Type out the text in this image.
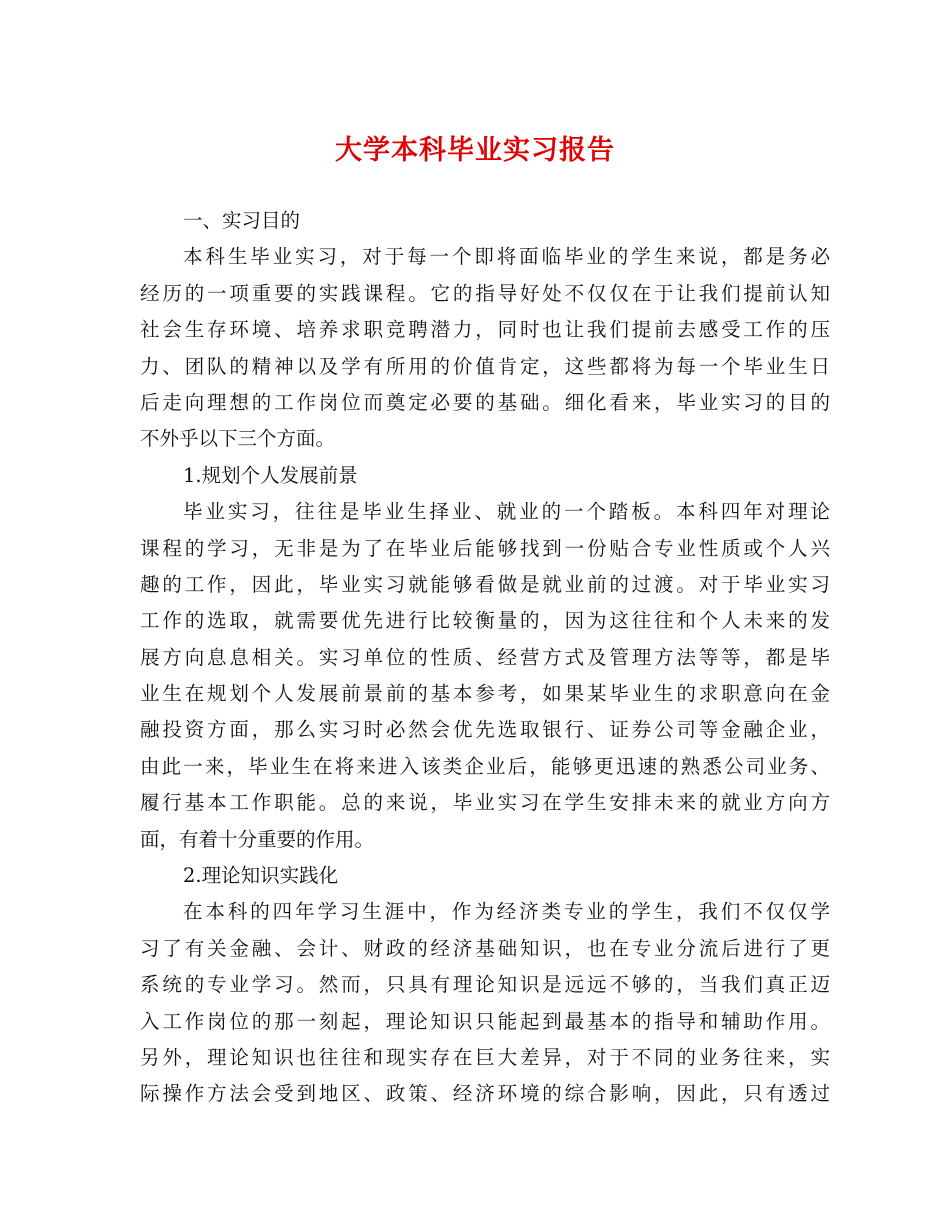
大学本科毕业实习报告
一、实习目的
本科生毕业实习，对于每一个即将面临毕业的学生来说，都是务必
经历的一项重要的实践课程。它的指导好处不仅仅在于让我们提前认知
社会生存环境、培养求职竞聘潜力，同时也让我们提前去感受工作的压
力、团队的精神以及学有所用的价值肯定，这些都将为每一个毕业生日
后走向理想的工作岗位而奠定必要的基础。细化看来，毕业实习的目的
不外乎以下三个方面。
1.规划个人发展前景
毕业实习，往往是毕业生择业、就业的一个踏板。本科四年对理论
课程的学习，无非是为了在毕业后能够找到一份贴合专业性质或个人兴
趣的工作，因此，毕业实习就能够看做是就业前的过渡。对于毕业实习
工作的选取，就需要优先进行比较衡量的，因为这往往和个人未来的发
展方向息息相关。实习单位的性质、经营方式及管理方法等等，都是毕
业生在规划个人发展前景前的基本参考，如果某毕业生的求职意向在金
融投资方面，那么实习时必然会优先选取银行、证券公司等金融企业，
由此一来，毕业生在将来进入该类企业后，能够更迅速的熟悉公司业务、
履行基本工作职能。总的来说，毕业实习在学生安排未来的就业方向方
面，有着十分重要的作用。
2.理论知识实践化
在本科的四年学习生涯中，作为经济类专业的学生，我们不仅仅学
习了有关金融、会计、财政的经济基础知识，也在专业分流后进行了更
系统的专业学习。然而，只具有理论知识是远远不够的，当我们真正迈
入工作岗位的那一刻起，理论知识只能起到最基本的指导和辅助作用。
另外，理论知识也往往和现实存在巨大差异，对于不同的业务往来，实
际操作方法会受到地区、政策、经济环境的综合影响，因此，只有透过
